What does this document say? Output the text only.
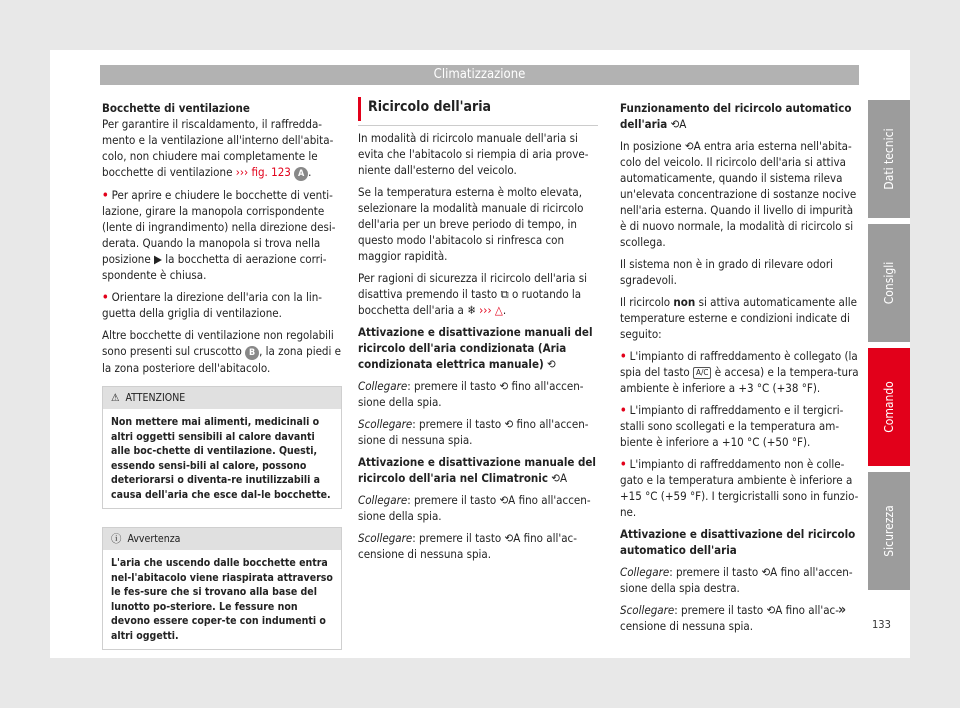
Climatizzazione

Bocchette di ventilazione
Per garantire il riscaldamento, il raffredda-mento e la ventilazione all'interno dell'abita-colo, non chiudere mai completamente le bocchette di ventilazione ››› fig. 123 A .

• Per aprire e chiudere le bocchette di venti-lazione, girare la manopola corrispondente (lente di ingrandimento) nella direzione desi-derata. Quando la manopola si trova nella posizione ▶ la bocchetta di aerazione corri-spondente è chiusa.

• Orientare la direzione dell'aria con la lin-guetta della griglia di ventilazione.

Altre bocchette di ventilazione non regolabili sono presenti sul cruscotto B , la zona piedi e la zona posteriore dell'abitacolo.

⚠ ATTENZIONE
Non mettere mai alimenti, medicinali o altri oggetti sensibili al calore davanti alle boc-chette di ventilazione. Questi, essendo sensi-bili al calore, possono deteriorarsi o diventa-re inutilizzabili a causa dell'aria che esce dal-le bocchette.
ⓘ Avvertenza
L'aria che uscendo dalle bocchette entra nel-l'abitacolo viene riaspirata attraverso le fes-sure che si trovano alla base del lunotto po-steriore. Le fessure non devono essere coper-te con indumenti o altri oggetti.
Ricircolo dell'aria

In modalità di ricircolo manuale dell'aria si evita che l'abitacolo si riempia di aria prove-niente dall'esterno del veicolo.

Se la temperatura esterna è molto elevata, selezionare la modalità manuale di ricircolo dell'aria per un breve periodo di tempo, in questo modo l'abitacolo si rinfresca con maggior rapidità.

Per ragioni di sicurezza il ricircolo dell'aria si disattiva premendo il tasto ⧉ o ruotando la bocchetta dell'aria a ❄ ››› △.

Attivazione e disattivazione manuali del ricircolo dell'aria condizionata (Aria condizionata elettrica manuale) ⟲

Collegare: premere il tasto ⟲ fino all'accen-sione della spia.

Scollegare: premere il tasto ⟲ fino all'accen-sione di nessuna spia.

Attivazione e disattivazione manuale del ricircolo dell'aria nel Climatronic ⟲A

Collegare: premere il tasto ⟲A fino all'accen-sione della spia.

Scollegare: premere il tasto ⟲A fino all'ac-censione di nessuna spia.

Funzionamento del ricircolo automatico dell'aria ⟲A

In posizione ⟲A entra aria esterna nell'abita-colo del veicolo. Il ricircolo dell'aria si attiva automaticamente, quando il sistema rileva un'elevata concentrazione di sostanze nocive nell'aria esterna. Quando il livello di impurità è di nuovo normale, la modalità di ricircolo si scollega.

Il sistema non è in grado di rilevare odori sgradevoli.

Il ricircolo non si attiva automaticamente alle temperature esterne e condizioni indicate di seguito:

• L'impianto di raffreddamento è collegato (la spia del tasto A/C è accesa) e la tempera-tura ambiente è inferiore a +3 °C (+38 °F).

• L'impianto di raffreddamento e il tergicri-stalli sono scollegati e la temperatura am-biente è inferiore a +10 °C (+50 °F).

• L'impianto di raffreddamento non è colle-gato e la temperatura ambiente è inferiore a +15 °C (+59 °F). I tergicristalli sono in funzio-ne.

Attivazione e disattivazione del ricircolo automatico dell'aria

Collegare: premere il tasto ⟲A fino all'accen-sione della spia destra.

Scollegare: premere il tasto ⟲A fino all'ac-censione di nessuna spia.

»
Dati tecnici
Consigli
Comando
Sicurezza
133
